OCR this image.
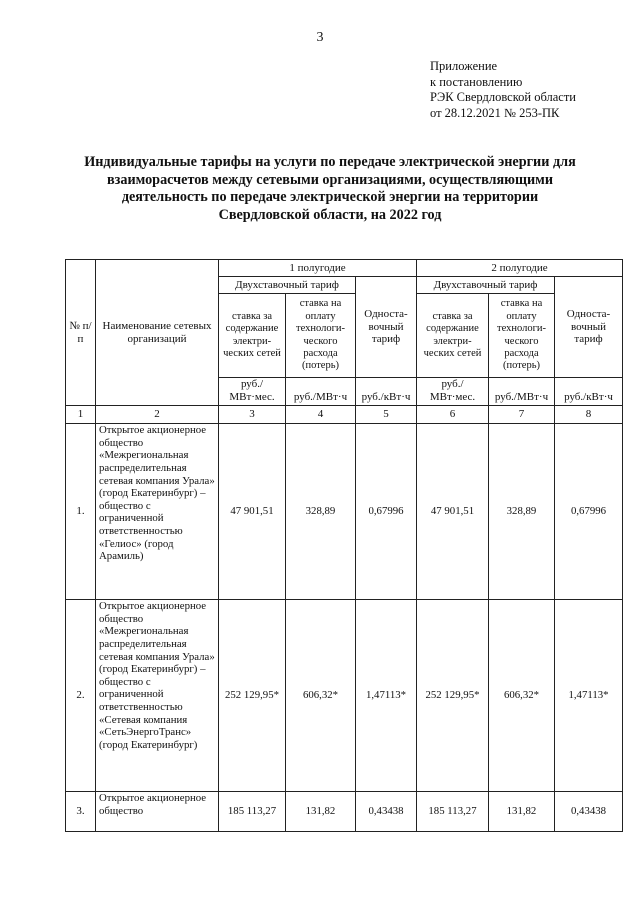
3
Приложение
к постановлению
РЭК Свердловской области
от 28.12.2021 № 253-ПК
Индивидуальные тарифы на услуги по передаче электрической энергии для
взаиморасчетов между сетевыми организациями, осуществляющими
деятельность по передаче электрической энергии на территории
Свердловской области, на 2022 год
№ п/п	Наименование сетевых организаций	1 полугодие			2 полугодие		
		Двухставочный тариф		Односта-вочный тариф	Двухставочный тариф		Односта-вочный тариф
		ставка за содержание электри-ческих сетей	ставка на оплату технологи-ческого расхода (потерь)		ставка за содержание электри-ческих сетей	ставка на оплату технологи-ческого расхода (потерь)	
		руб./МВт·мес.	руб./МВт·ч	руб./кВт·ч	руб./МВт·мес.	руб./МВт·ч	руб./кВт·ч
1	2	3	4	5	6	7	8
1.	Открытое акционерное общество «Межрегиональная распределительная сетевая компания Урала» (город Екатеринбург) – общество с ограниченной ответственностью «Гелиос» (город Арамиль)	47 901,51	328,89	0,67996	47 901,51	328,89	0,67996
2.	Открытое акционерное общество «Межрегиональная распределительная сетевая компания Урала» (город Екатеринбург) – общество с ограниченной ответственностью «Сетевая компания «СетьЭнергоТранс» (город Екатеринбург)	252 129,95*	606,32*	1,47113*	252 129,95*	606,32*	1,47113*
3.	Открытое акционерное общество	185 113,27	131,82	0,43438	185 113,27	131,82	0,43438
